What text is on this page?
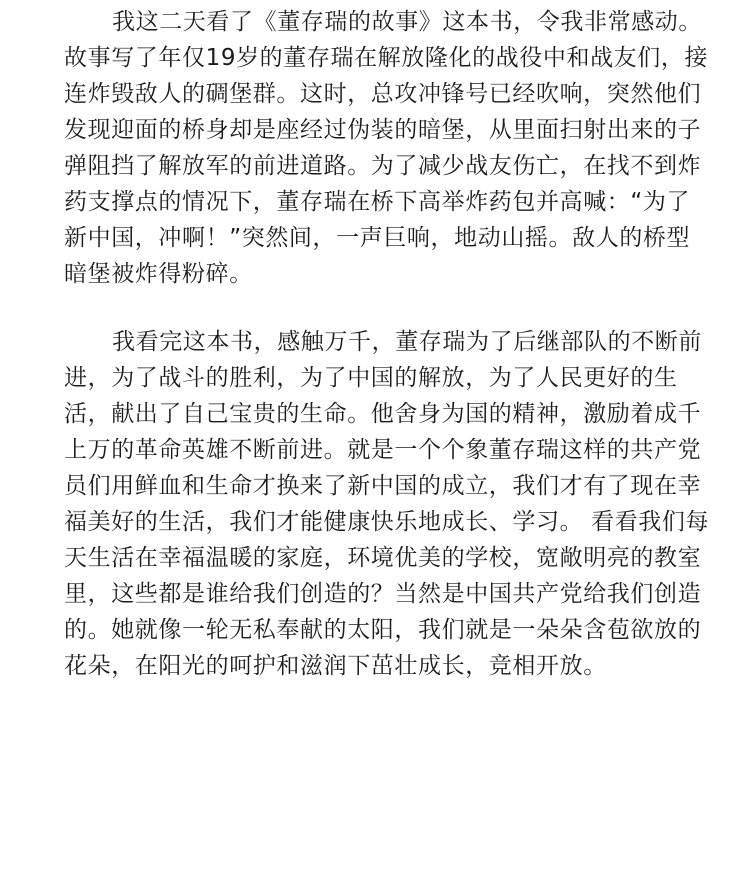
我这二天看了《董存瑞的故事》这本书，令我非常感动。
故事写了年仅19岁的董存瑞在解放隆化的战役中和战友们，接
连炸毁敌人的碉堡群。这时，总攻冲锋号已经吹响，突然他们
发现迎面的桥身却是座经过伪装的暗堡，从里面扫射出来的子
弹阻挡了解放军的前进道路。为了减少战友伤亡，在找不到炸
药支撑点的情况下，董存瑞在桥下高举炸药包并高喊：“为了
新中国，冲啊！”突然间，一声巨响，地动山摇。敌人的桥型
暗堡被炸得粉碎。
我看完这本书，感触万千，董存瑞为了后继部队的不断前
进，为了战斗的胜利，为了中国的解放，为了人民更好的生
活，献出了自己宝贵的生命。他舍身为国的精神，激励着成千
上万的革命英雄不断前进。就是一个个象董存瑞这样的共产党
员们用鲜血和生命才换来了新中国的成立，我们才有了现在幸
福美好的生活，我们才能健康快乐地成长、学习。 看看我们每
天生活在幸福温暖的家庭，环境优美的学校，宽敞明亮的教室
里，这些都是谁给我们创造的？当然是中国共产党给我们创造
的。她就像一轮无私奉献的太阳，我们就是一朵朵含苞欲放的
花朵，在阳光的呵护和滋润下茁壮成长，竞相开放。
